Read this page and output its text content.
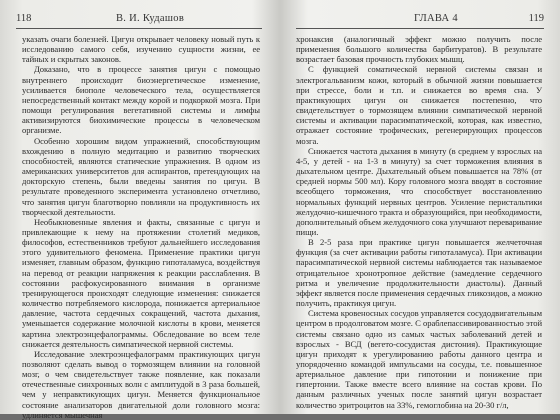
118	В. И. Кудашов

указать очаги болезней. Цигун открывает человеку новый путь к исследованию самого себя, изучению сущности жизни, ее тайных и скрытых законов.

Доказано, что в процессе занятия цигун с помощью внутреннего происходит биоэнергетическое изменение, усиливается биополе человеческого тела, осуществляется непосредственный контакт между корой и подкоркой мозга. При помощи регулирования вегетативной системы и лимфы активизируются биохимические процессы в человеческом организме.

Особенно хорошим видом упражнений, способствующим вхождению в полную медитацию и развитию творческих способностей, являются статические упражнения. В одном из американских университетов для аспирантов, претендующих на докторскую степень, были введены занятия по цигун. В результате проведенного эксперимента установлено отчетливо, что занятия цигун благотворно повлияли на продуктивность их творческой деятельности.

Необыкновенные явления и факты, связанные с цигун и привлекающие к нему на протяжении столетий медиков, философов, естественников требуют дальнейшего исследования этого удивительного феномена. Применение практики цигун изменяет, главным образом, функцию гипоталамуса, воздействуя на перевод от реакции напряжения к реакции расслабления. В состоянии расфокусированного внимания в организме тренирующегося происходят следующие изменения: снижается количество потребляемого кислорода, понижается артериальное давление, частота сердечных сокращений, частота дыхания, уменьшается содержание молочной кислоты в крови, меняется картина электроэнцефалограммы. Обследование во всем теле снижается деятельность симпатической нервной системы.

Исследование электроэнцефалограмм практикующих цигун позволяют сделать вывод о тормозящем влиянии на головной мозг, о чем свидетельствует также появление, как показали отечественные синхронных волн с амплитудой в 3 раза большей, чем у неправктикующих цигун. Меняется функциональное состояние анализаторов двигательной доли головного мозга: удлиняется мышечная

ГЛАВА 4	119

хронаксия (аналогичный эффект можно получить после применения большого количества барбитуратов). В результате возрастает базовая прочность глубоких мышц.

С функцией соматической нервной системы связан и электрогальванизм кожи, который в обычной жизни повышается при стрессе, боли и т.п. и снижается во время сна. У практикующих цигун он снижается постепенно, что свидетельствует о тормозящем влиянии симпатической нервной системы и активации парасимпатической, которая, как известно, отражает состояние трофических, регенерирующих процессов мозга.

Снижается частота дыхания в минуту (в среднем у взрослых на 4-5, у детей - на 1-3 в минуту) за счет торможения влияния в дыхательном центре. Дыхательный объем повышается на 78% (от средней нормы 500 мл). Кору головного мозга вводят в состояние всеобщего торможения, что способствует восстановлению нормальных функций нервных центров. Усиление перистальтики желудочно-кишечного тракта и образующийся, при необходимости, дополнительный объем желудочного сока улучшают переваривание пищи.

В 2-5 раза при практике цигун повышается желчеточная функция (за счет активации работы гипоталамуса). При активации парасимпатической нервной системы наблюдается так называемое отрицательное хронотропное действие (замедление сердечного ритма и увеличение продолжительности диастолы). Данный эффект является после применения сердечных гликозидов, а можно получить, практикуя цигун.

Система кровеносных сосудов управляется сосудодвигательным центром в продолговатом мозге. С ораблепассивированностью этой системы связано одно из самых частых заболеваний детей и взрослых - ВСД (вегето-сосудистая дистония). Практикующие цигун приходят к урегулированию работы данного центра и упорядоченно командой импульсами на сосуды, т.е. повышенное артериальное давление при гипотонии и понижение при гипертонии. Также вместе всего влияние на состав крови. По данным различных ученых после занятий цигун возрастает количество эритроцитов на 33%, гемоглобина на 20-30 г/л,
